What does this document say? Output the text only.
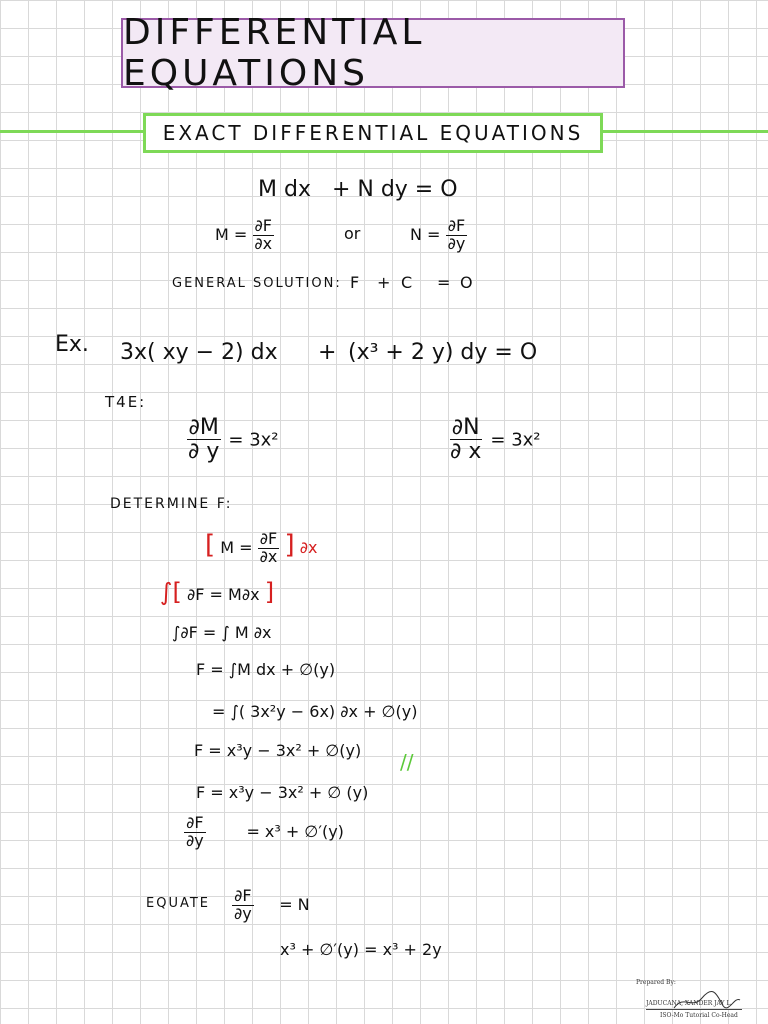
DIFFERENTIAL EQUATIONS
EXACT DIFFERENTIAL EQUATIONS
M dx + N dy = O
$M = \frac{\partial F}{\partial x}$	or	$N = \frac{\partial F}{\partial y}$
GENERAL SOLUTION: F + C = O
Ex. 3x( xy − 2) dx + (x³ + 2 y) dy = O
T4E:
$\frac{\partial M}{\partial y} = 3x^2$	$\frac{\partial N}{\partial x} = 3x^2$
DETERMINE F:
[ $M = \frac{\partial F}{\partial x}$ ] ∂x
∫[ ∂F = M∂x ]
∫∂F = ∫ M ∂x
F = ∫M dx + ∅(y)
= ∫( 3x²y − 6x) ∂x + ∅(y)
F = x³y − 3x² + ∅(y) //
F = x³y − 3x² + ∅ (y)
$\frac{\partial F}{\partial y}$	= x³ + ∅′(y)
EQUATE $\frac{\partial F}{\partial y} = N$
x³ + ∅′(y) = x³ + 2y
Prepared By:
JADUCANA, XANDER JAY L.
ISO-Mo Tutorial Co-Head
